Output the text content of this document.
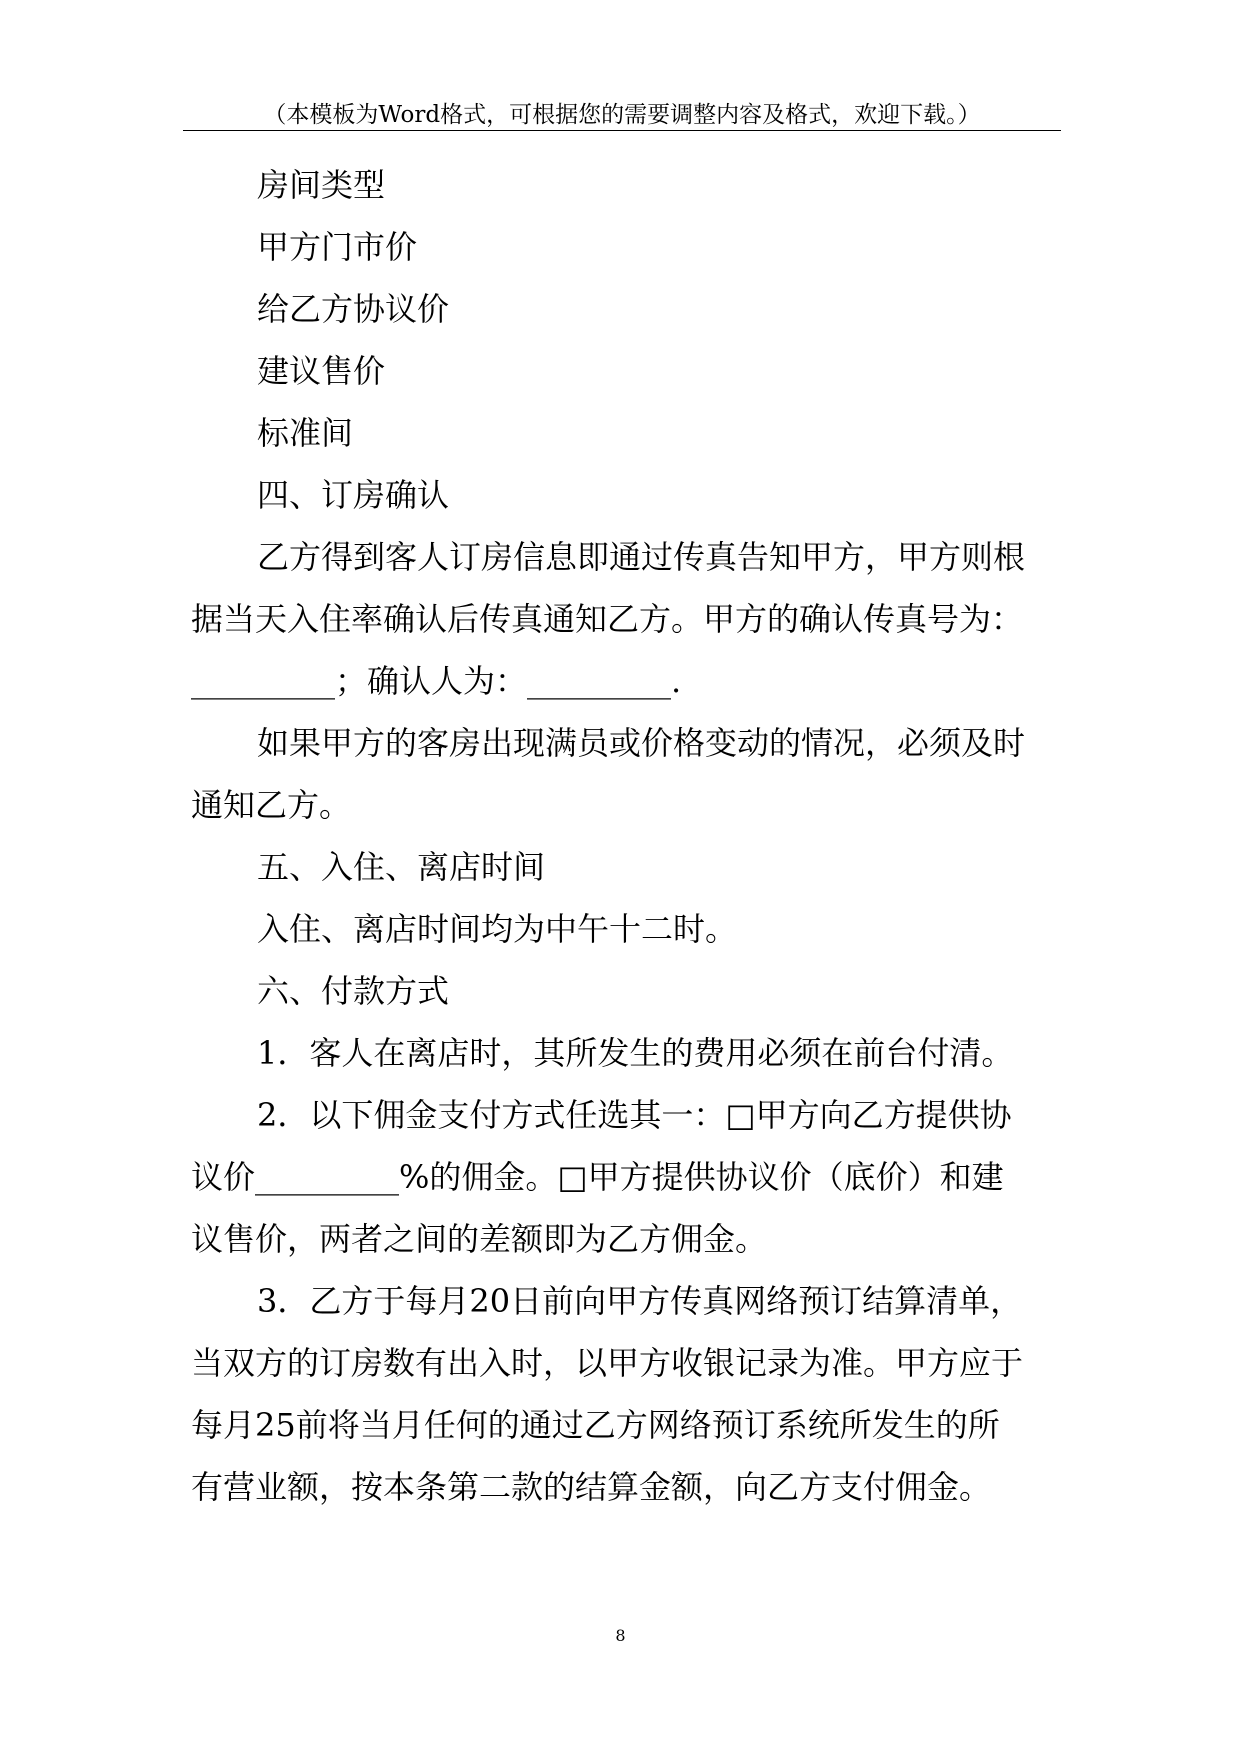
（本模板为Word格式，可根据您的需要调整内容及格式，欢迎下载。）
房间类型
甲方门市价
给乙方协议价
建议售价
标准间
四、订房确认
乙方得到客人订房信息即通过传真告知甲方，甲方则根
据当天入住率确认后传真通知乙方。甲方的确认传真号为：
_________；确认人为：_________.
如果甲方的客房出现满员或价格变动的情况，必须及时
通知乙方。
五、入住、离店时间
入住、离店时间均为中午十二时。
六、付款方式
1．客人在离店时，其所发生的费用必须在前台付清。
2．以下佣金支付方式任选其一：□甲方向乙方提供协
议价_________%的佣金。□甲方提供协议价（底价）和建
议售价，两者之间的差额即为乙方佣金。
3．乙方于每月20日前向甲方传真网络预订结算清单，
当双方的订房数有出入时，以甲方收银记录为准。甲方应于
每月25前将当月任何的通过乙方网络预订系统所发生的所
有营业额，按本条第二款的结算金额，向乙方支付佣金。
8
